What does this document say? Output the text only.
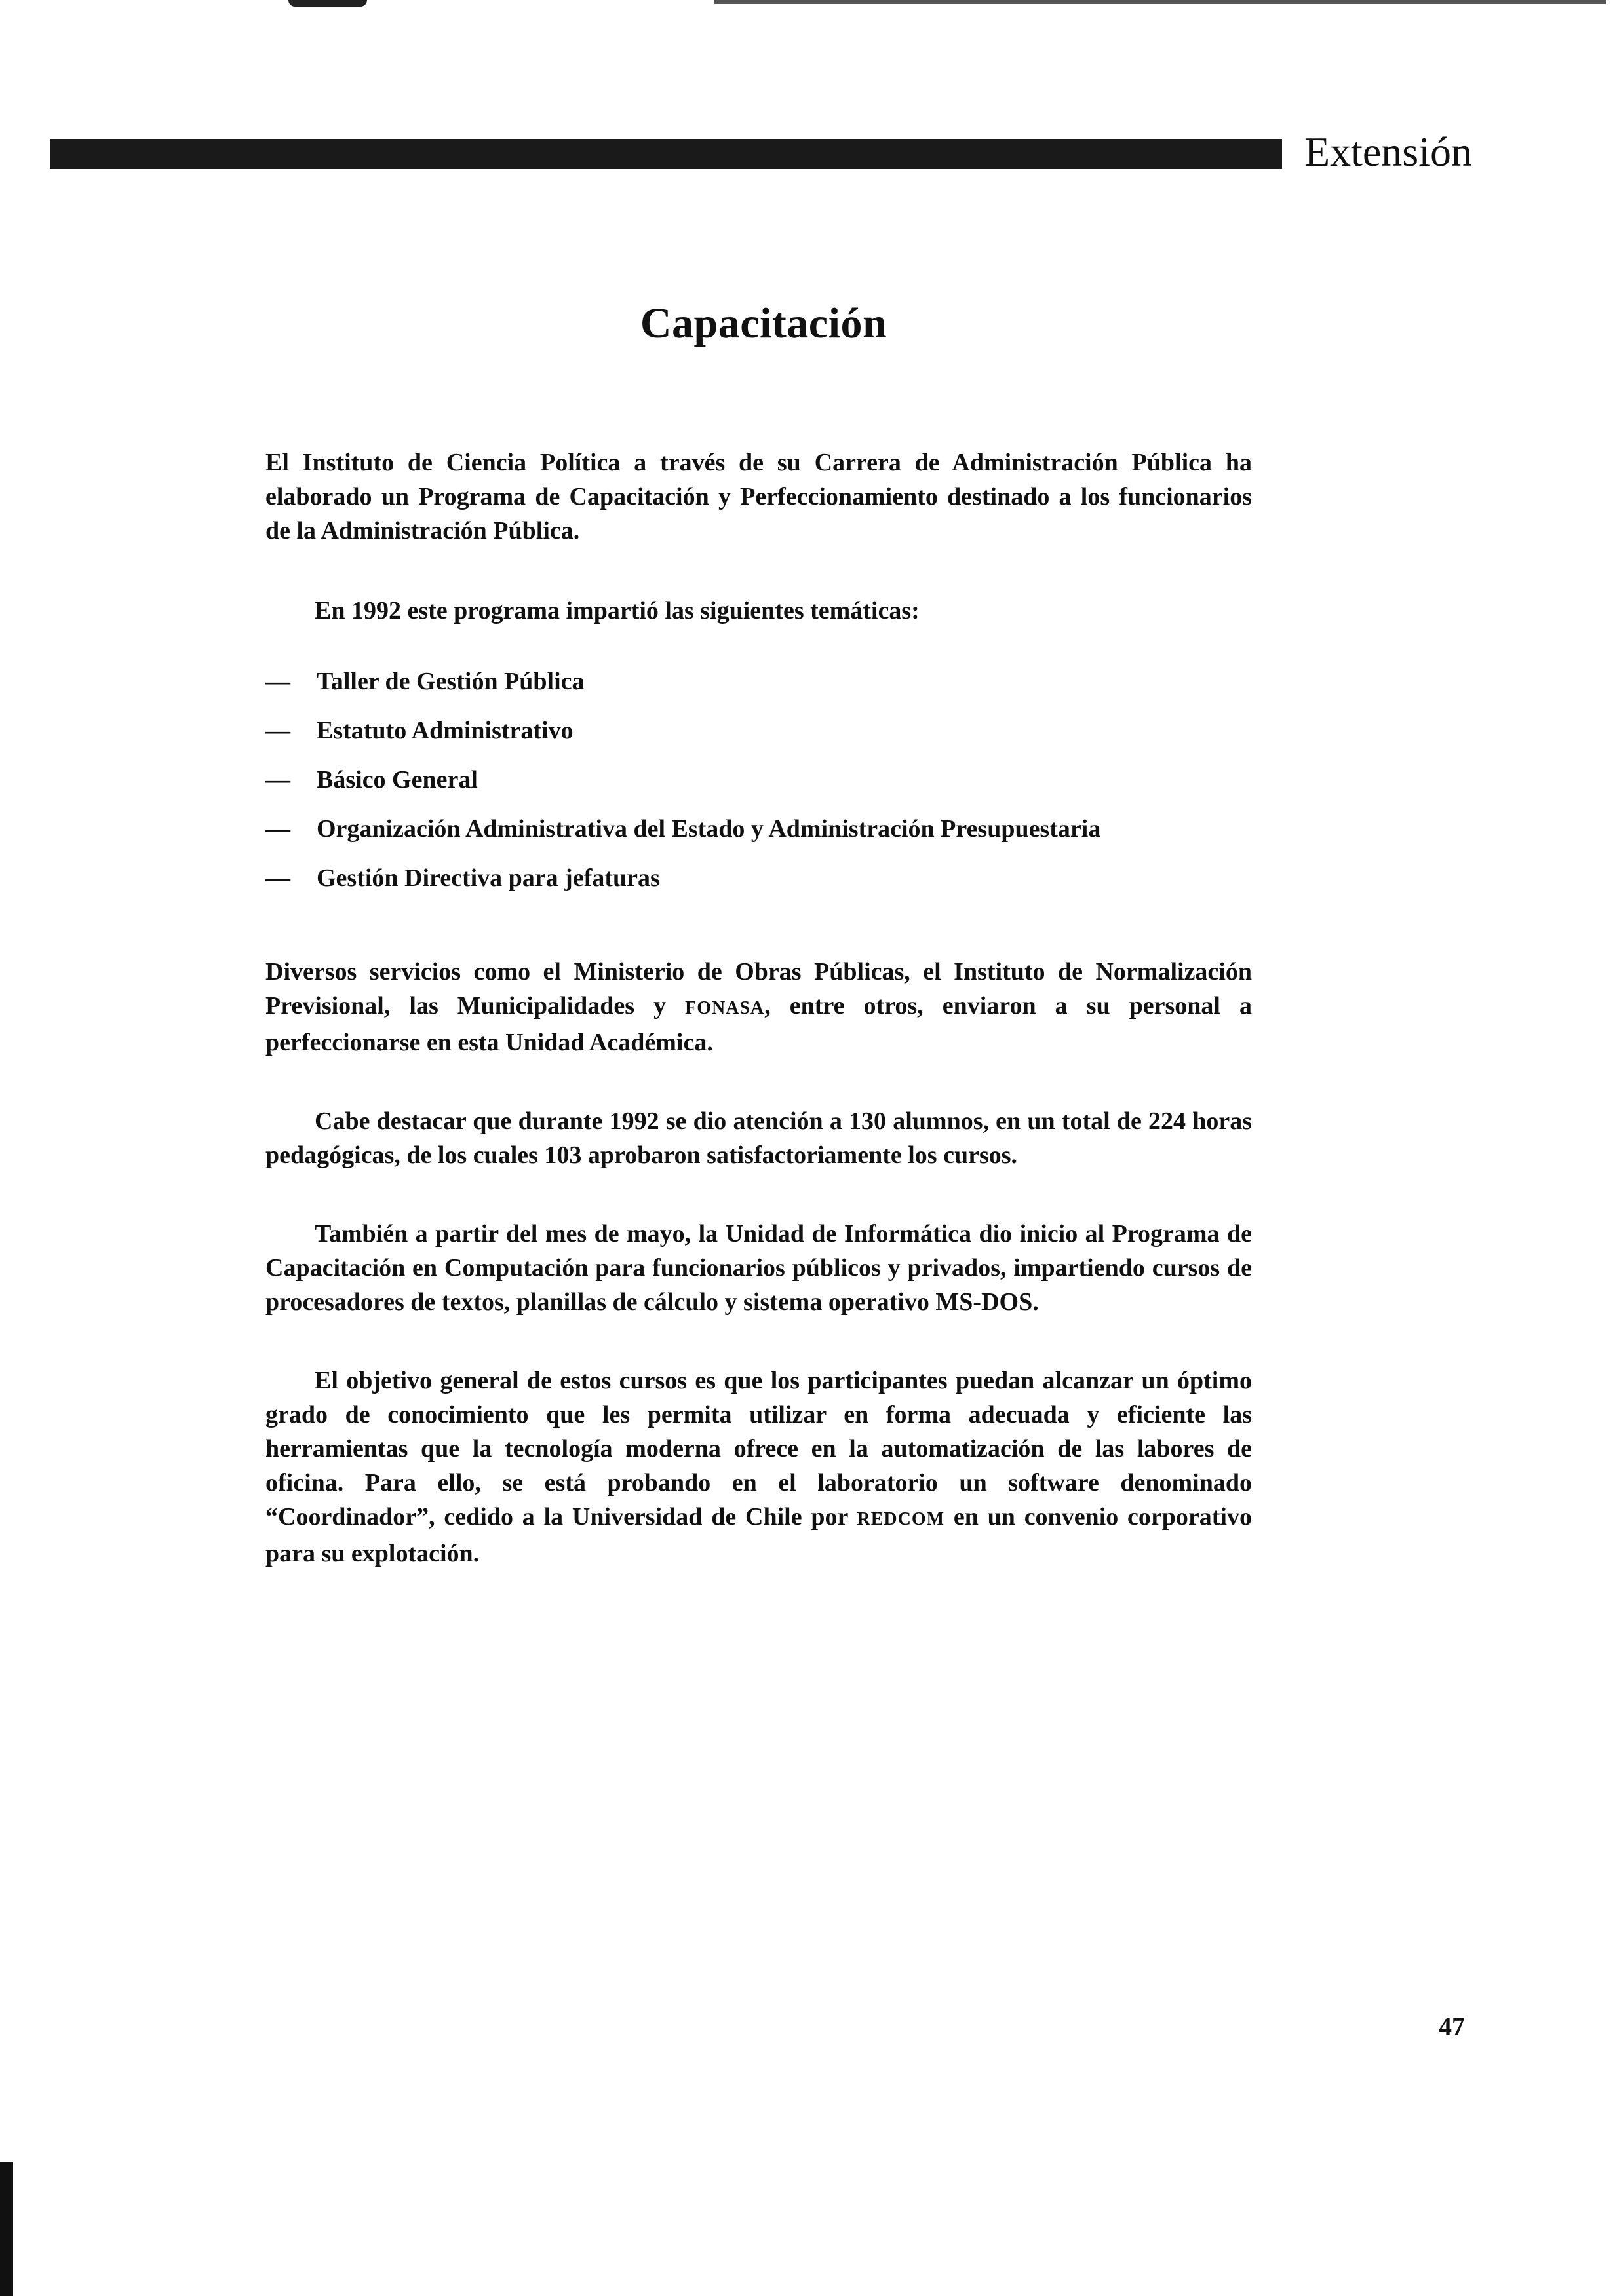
Extensión
Capacitación

El Instituto de Ciencia Política a través de su Carrera de Administración Pública ha elaborado un Programa de Capacitación y Perfeccionamiento destinado a los funcionarios de la Administración Pública.

En 1992 este programa impartió las siguientes temáticas:

—	Taller de Gestión Pública
—	Estatuto Administrativo
—	Básico General
—	Organización Administrativa del Estado y Administración Presupuestaria
—	Gestión Directiva para jefaturas

Diversos servicios como el Ministerio de Obras Públicas, el Instituto de Normalización Previsional, las Municipalidades y FONASA, entre otros, enviaron a su personal a perfeccionarse en esta Unidad Académica.

Cabe destacar que durante 1992 se dio atención a 130 alumnos, en un total de 224 horas pedagógicas, de los cuales 103 aprobaron satisfactoriamente los cursos.

También a partir del mes de mayo, la Unidad de Informática dio inicio al Programa de Capacitación en Computación para funcionarios públicos y privados, impartiendo cursos de procesadores de textos, planillas de cálculo y sistema operativo MS-DOS.

El objetivo general de estos cursos es que los participantes puedan alcanzar un óptimo grado de conocimiento que les permita utilizar en forma adecuada y eficiente las herramientas que la tecnología moderna ofrece en la automatización de las labores de oficina. Para ello, se está probando en el laboratorio un software denominado “Coordinador”, cedido a la Universidad de Chile por REDCOM en un convenio corporativo para su explotación.

47
